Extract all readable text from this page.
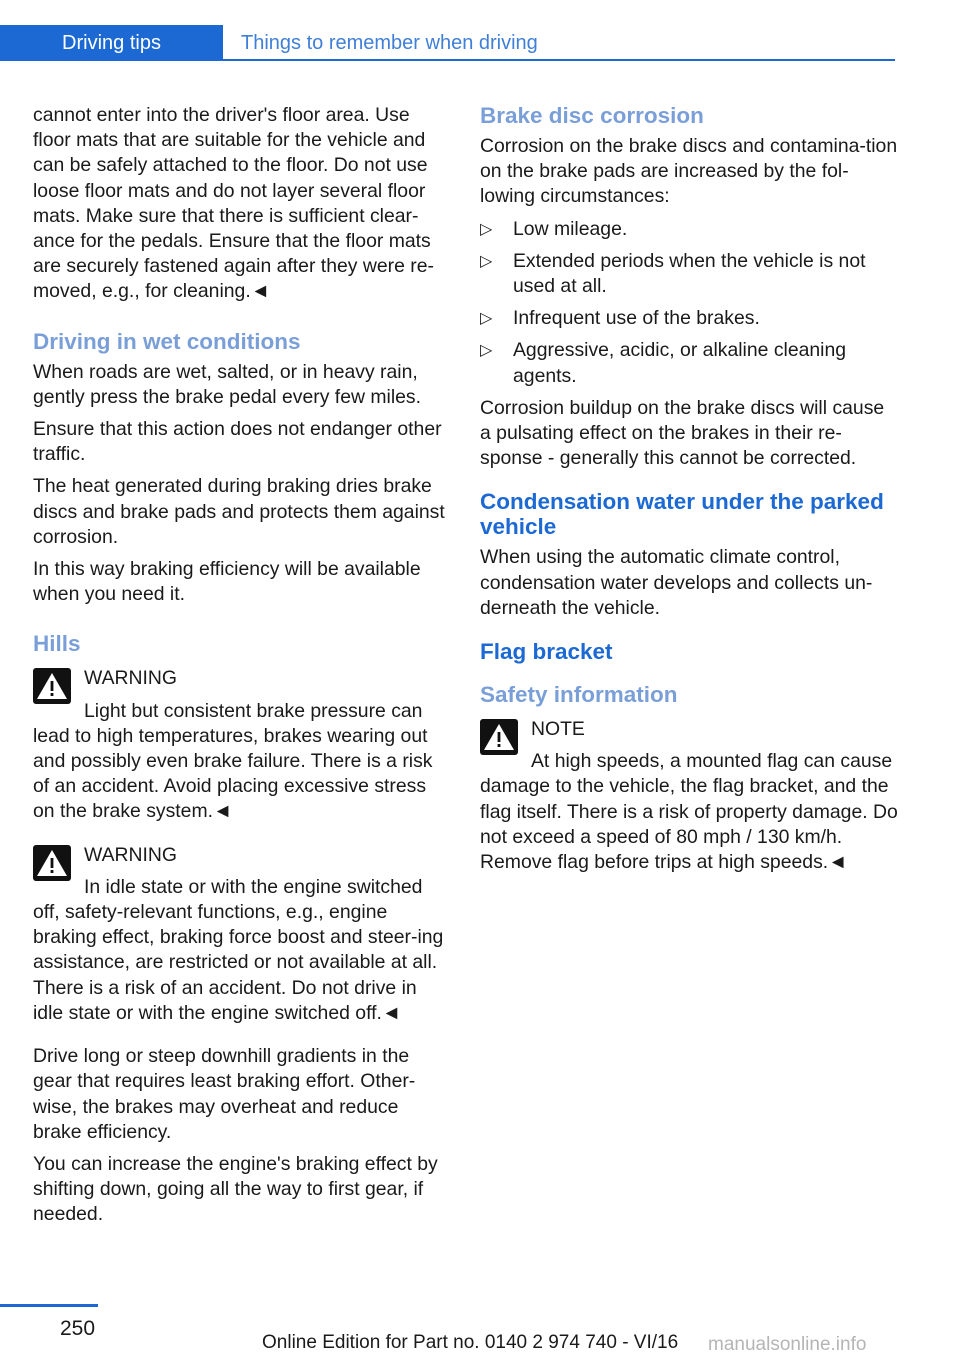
Driving tips	Things to remember when driving

cannot enter into the driver's floor area. Use floor mats that are suitable for the vehicle and can be safely attached to the floor. Do not use loose floor mats and do not layer several floor mats. Make sure that there is sufficient clear-ance for the pedals. Ensure that the floor mats are securely fastened again after they were re-moved, e.g., for cleaning.◄

Driving in wet conditions

When roads are wet, salted, or in heavy rain, gently press the brake pedal every few miles.

Ensure that this action does not endanger other traffic.

The heat generated during braking dries brake discs and brake pads and protects them against corrosion.

In this way braking efficiency will be available when you need it.

Hills
WARNING

Light but consistent brake pressure can lead to high temperatures, brakes wearing out and possibly even brake failure. There is a risk of an accident. Avoid placing excessive stress on the brake system.◄

WARNING

In idle state or with the engine switched off, safety-relevant functions, e.g., engine braking effect, braking force boost and steer-ing assistance, are restricted or not available at all. There is a risk of an accident. Do not drive in idle state or with the engine switched off.◄

Drive long or steep downhill gradients in the gear that requires least braking effort. Other-wise, the brakes may overheat and reduce brake efficiency.

You can increase the engine's braking effect by shifting down, going all the way to first gear, if needed.

Brake disc corrosion

Corrosion on the brake discs and contamina-tion on the brake pads are increased by the fol-lowing circumstances:

▷ Low mileage.
▷ Extended periods when the vehicle is not used at all.
▷ Infrequent use of the brakes.
▷ Aggressive, acidic, or alkaline cleaning agents.

Corrosion buildup on the brake discs will cause a pulsating effect on the brakes in their re-sponse - generally this cannot be corrected.

Condensation water under the parked vehicle

When using the automatic climate control, condensation water develops and collects un-derneath the vehicle.

Flag bracket
Safety information
NOTE

At high speeds, a mounted flag can cause damage to the vehicle, the flag bracket, and the flag itself. There is a risk of property damage. Do not exceed a speed of 80 mph / 130 km/h. Remove flag before trips at high speeds.◄

250
Online Edition for Part no. 0140 2 974 740 - VI/16 manualsonline.info
